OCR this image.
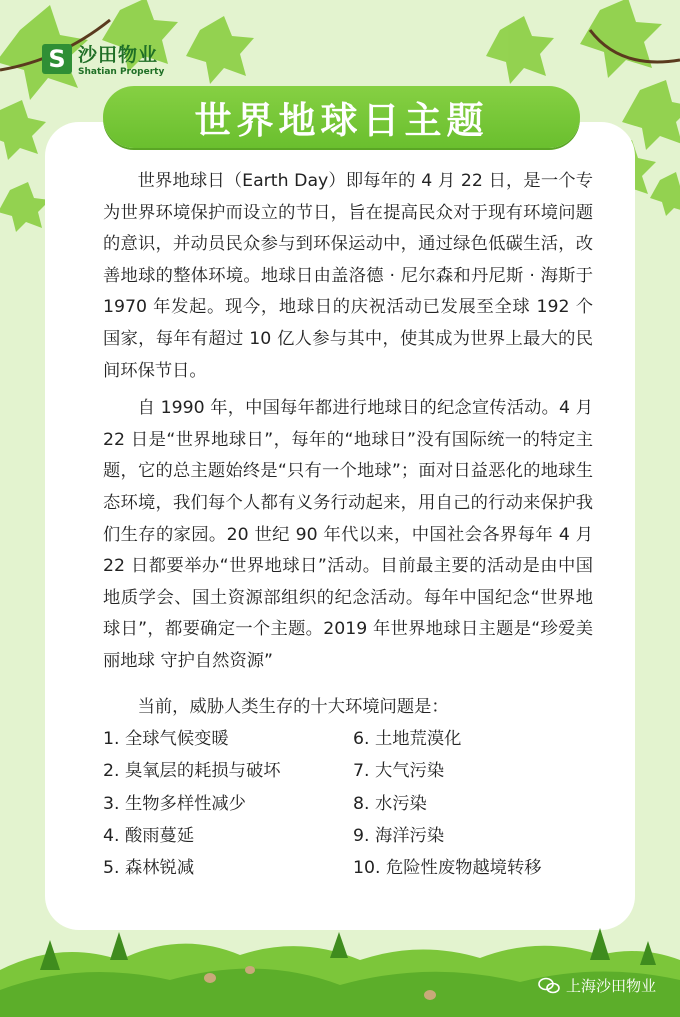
S 沙田物业
Shatian Property
世界地球日主题

世界地球日（Earth Day）即每年的 4 月 22 日，是一个专为世界环境保护而设立的节日，旨在提高民众对于现有环境问题的意识，并动员民众参与到环保运动中，通过绿色低碳生活，改善地球的整体环境。地球日由盖洛德 · 尼尔森和丹尼斯 · 海斯于 1970 年发起。现今，地球日的庆祝活动已发展至全球 192 个国家，每年有超过 10 亿人参与其中，使其成为世界上最大的民间环保节日。

自 1990 年，中国每年都进行地球日的纪念宣传活动。4 月 22 日是“世界地球日”，每年的“地球日”没有国际统一的特定主题，它的总主题始终是“只有一个地球”；面对日益恶化的地球生态环境，我们每个人都有义务行动起来，用自己的行动来保护我们生存的家园。20 世纪 90 年代以来，中国社会各界每年 4 月 22 日都要举办“世界地球日”活动。目前最主要的活动是由中国地质学会、国土资源部组织的纪念活动。每年中国纪念“世界地球日”，都要确定一个主题。2019 年世界地球日主题是“珍爱美丽地球 守护自然资源”

当前，威胁人类生存的十大环境问题是：
1. 全球气候变暖	6. 土地荒漠化
2. 臭氧层的耗损与破坏	7. 大气污染
3. 生物多样性减少	8. 水污染
4. 酸雨蔓延	9. 海洋污染
5. 森林锐减	10. 危险性废物越境转移
上海沙田物业
